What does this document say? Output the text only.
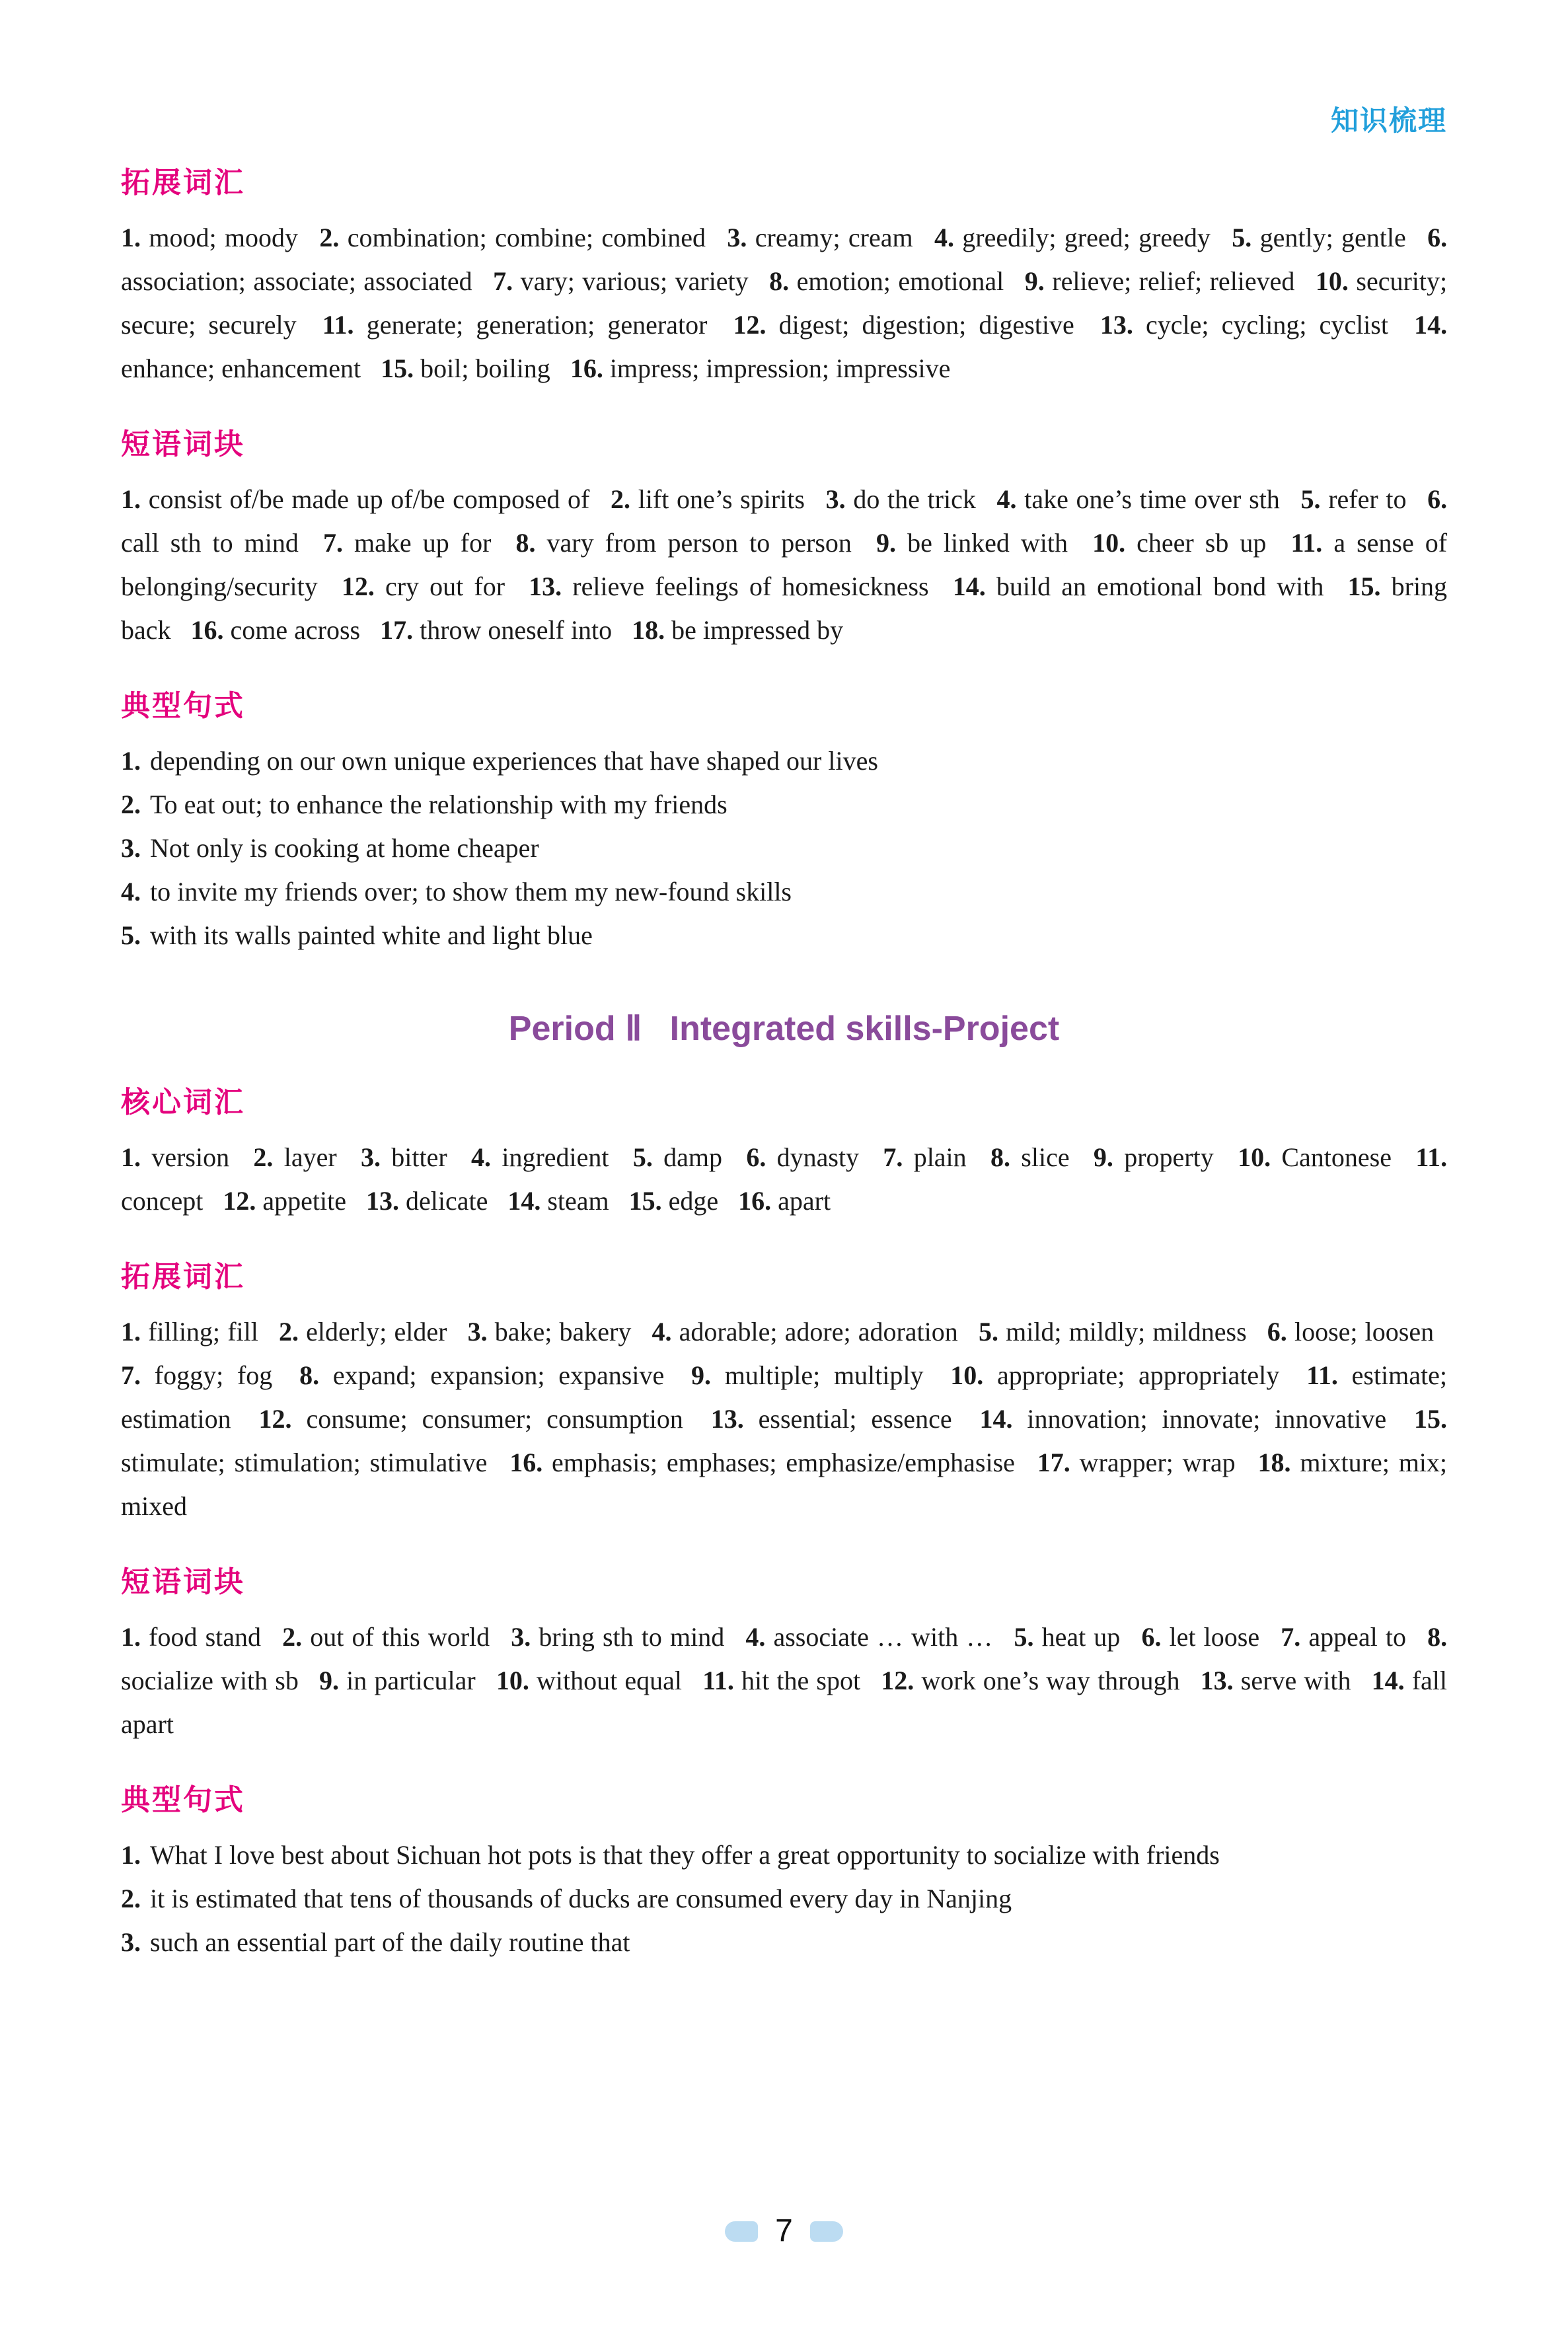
知识梳理
拓展词汇

1. mood; moody  2. combination; combine; combined  3. creamy; cream  4. greedily; greed; greedy  5. gently; gentle  6. association; associate; associated  7. vary; various; variety  8. emotion; emotional  9. relieve; relief; relieved  10. security; secure; securely  11. generate; generation; generator  12. digest; digestion; digestive  13. cycle; cycling; cyclist  14. enhance; enhancement  15. boil; boiling  16. impress; impression; impressive

短语词块

1. consist of/be made up of/be composed of  2. lift one’s spirits  3. do the trick  4. take one’s time over sth  5. refer to  6. call sth to mind  7. make up for  8. vary from person to person  9. be linked with  10. cheer sb up  11. a sense of belonging/security  12. cry out for  13. relieve feelings of homesickness  14. build an emotional bond with  15. bring back  16. come across  17. throw oneself into  18. be impressed by

典型句式
1. depending on our own unique experiences that have shaped our lives
2. To eat out; to enhance the relationship with my friends
3. Not only is cooking at home cheaper
4. to invite my friends over; to show them my new-found skills
5. with its walls painted white and light blue
Period Ⅱ Integrated skills-Project
核心词汇

1. version  2. layer  3. bitter  4. ingredient  5. damp  6. dynasty  7. plain  8. slice  9. property  10. Cantonese  11. concept  12. appetite  13. delicate  14. steam  15. edge  16. apart

拓展词汇

1. filling; fill  2. elderly; elder  3. bake; bakery  4. adorable; adore; adoration  5. mild; mildly; mildness  6. loose; loosen  7. foggy; fog  8. expand; expansion; expansive  9. multiple; multiply  10. appropriate; appropriately  11. estimate; estimation  12. consume; consumer; consumption  13. essential; essence  14. innovation; innovate; innovative  15. stimulate; stimulation; stimulative  16. emphasis; emphases; emphasize/emphasise  17. wrapper; wrap  18. mixture; mix; mixed

短语词块

1. food stand  2. out of this world  3. bring sth to mind  4. associate … with …  5. heat up  6. let loose  7. appeal to  8. socialize with sb  9. in particular  10. without equal  11. hit the spot  12. work one’s way through  13. serve with  14. fall apart

典型句式
1. What I love best about Sichuan hot pots is that they offer a great opportunity to socialize with friends
2. it is estimated that tens of thousands of ducks are consumed every day in Nanjing
3. such an essential part of the daily routine that
7
